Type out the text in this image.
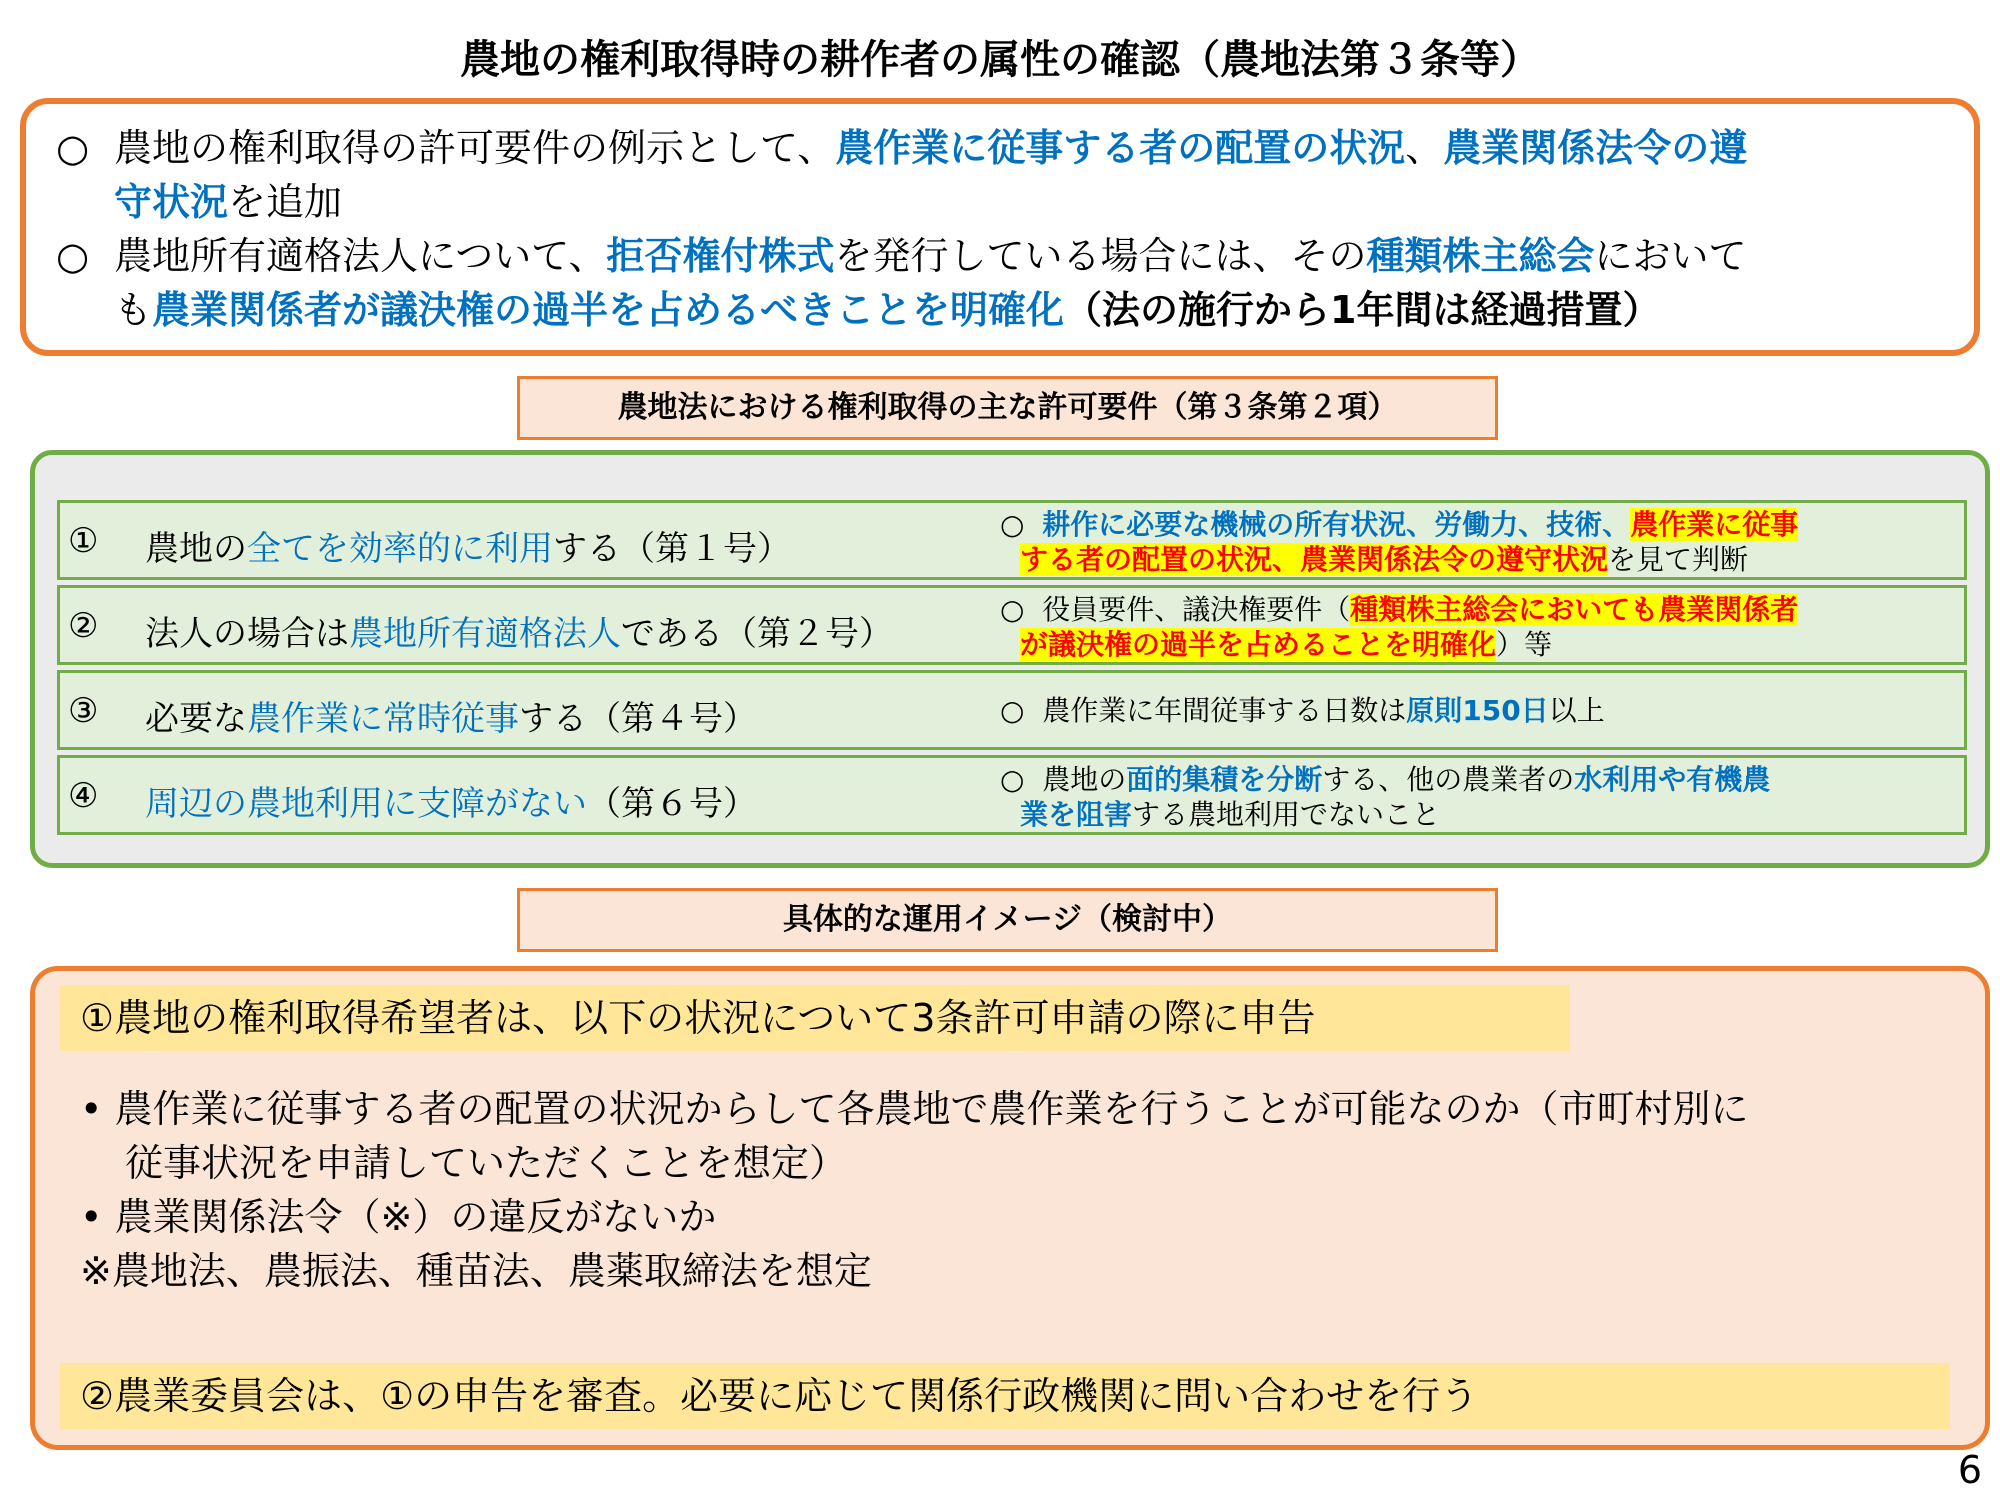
農地の権利取得時の耕作者の属性の確認（農地法第３条等）
○ 農地の権利取得の許可要件の例示として、農作業に従事する者の配置の状況、農業関係法令の遵
守状況を追加
○ 農地所有適格法人について、拒否権付株式を発行している場合には、その種類株主総会において
も農業関係者が議決権の過半を占めるべきことを明確化（法の施行から1年間は経過措置）
農地法における権利取得の主な許可要件（第３条第２項）
① 農地の全てを効率的に利用する（第１号）
○ 耕作に必要な機械の所有状況、労働力、技術、農作業に従事
する者の配置の状況、農業関係法令の遵守状況を見て判断
② 法人の場合は農地所有適格法人である（第２号）
○ 役員要件、議決権要件（種類株主総会においても農業関係者
が議決権の過半を占めることを明確化）等
③ 必要な農作業に常時従事する（第４号）	○ 農作業に年間従事する日数は原則150日以上
④ 周辺の農地利用に支障がない（第６号）
○ 農地の面的集積を分断する、他の農業者の水利用や有機農
業を阻害する農地利用でないこと
具体的な運用イメージ（検討中）
①農地の権利取得希望者は、以下の状況について3条許可申請の際に申告
• 農作業に従事する者の配置の状況からして各農地で農作業を行うことが可能なのか（市町村別に
従事状況を申請していただくことを想定）
• 農業関係法令（※）の違反がないか
※農地法、農振法、種苗法、農薬取締法を想定
②農業委員会は、①の申告を審査。必要に応じて関係行政機関に問い合わせを行う
6
